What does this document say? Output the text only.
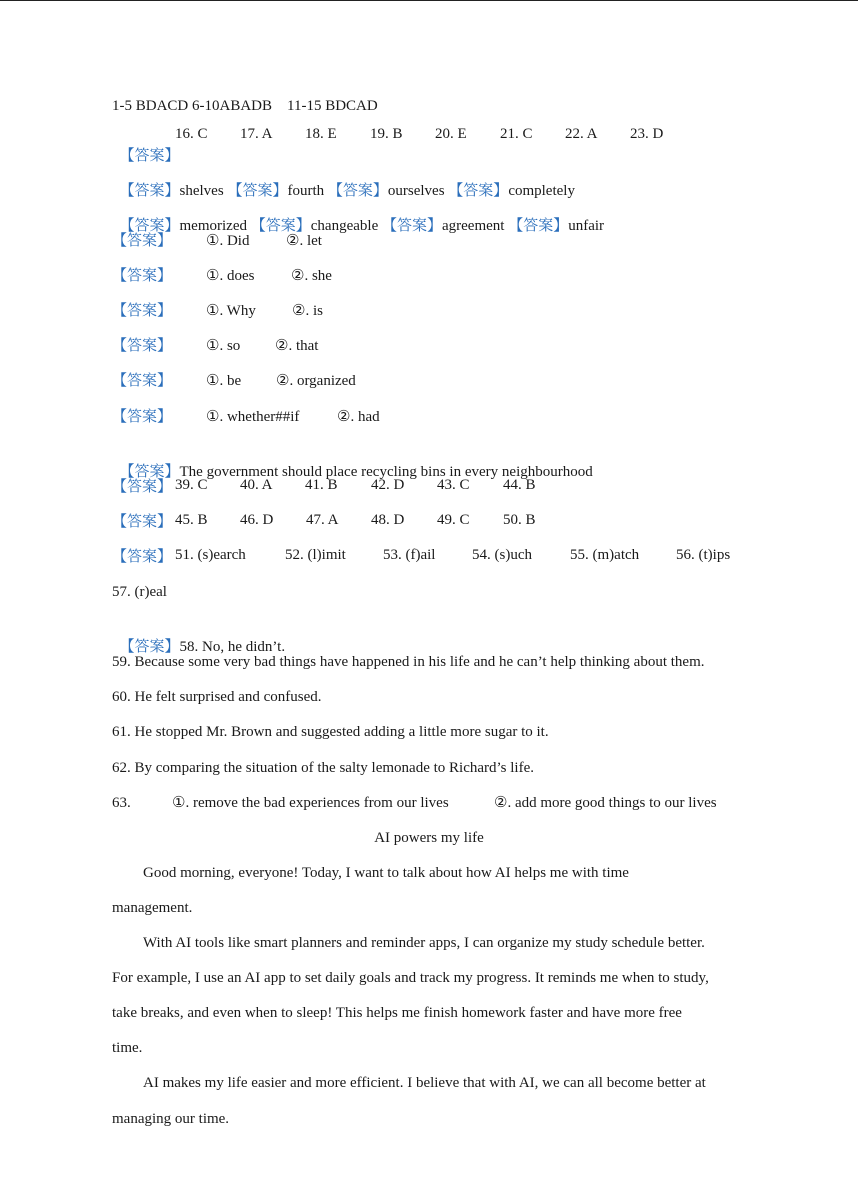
1-5 BDACD 6-10ABADB    11-15 BDCAD

【答案】

16. C 17. A 18. E 19. B 20. E 21. C 22. A 23. D

【答案】shelves 【答案】fourth 【答案】ourselves 【答案】completely

【答案】memorized 【答案】changeable 【答案】agreement 【答案】unfair

【答案】 ①. Did ②. let
【答案】 ①. does ②. she
【答案】 ①. Why ②. is
【答案】 ①. so ②. that
【答案】 ①. be ②. organized
【答案】 ①. whether##if	②. had

【答案】The government should place recycling bins in every neighbourhood

【答案】 39. C 40. A 41. B 42. D 43. C 44. B
【答案】 45. B 46. D 47. A 48. D 49. C 50. B
【答案】 51. (s)earch	52. (l)imit 53. (f)ail 54. (s)uch	55. (m)atch 56. (t)ips
57. (r)eal

【答案】58. No, he didn’t.

59. Because some very bad things have happened in his life and he can’t help thinking about them.
60. He felt surprised and confused.
61. He stopped Mr. Brown and suggested adding a little more sugar to it.
62. By comparing the situation of the salty lemonade to Richard’s life.
63.	①. remove the bad experiences from our lives	②. add more good things to our lives
AI powers my life
Good morning, everyone! Today, I want to talk about how AI helps me with time
management.
With AI tools like smart planners and reminder apps, I can organize my study schedule better.
For example, I use an AI app to set daily goals and track my progress. It reminds me when to study,
take breaks, and even when to sleep! This helps me finish homework faster and have more free
time.
AI makes my life easier and more efficient. I believe that with AI, we can all become better at
managing our time.
